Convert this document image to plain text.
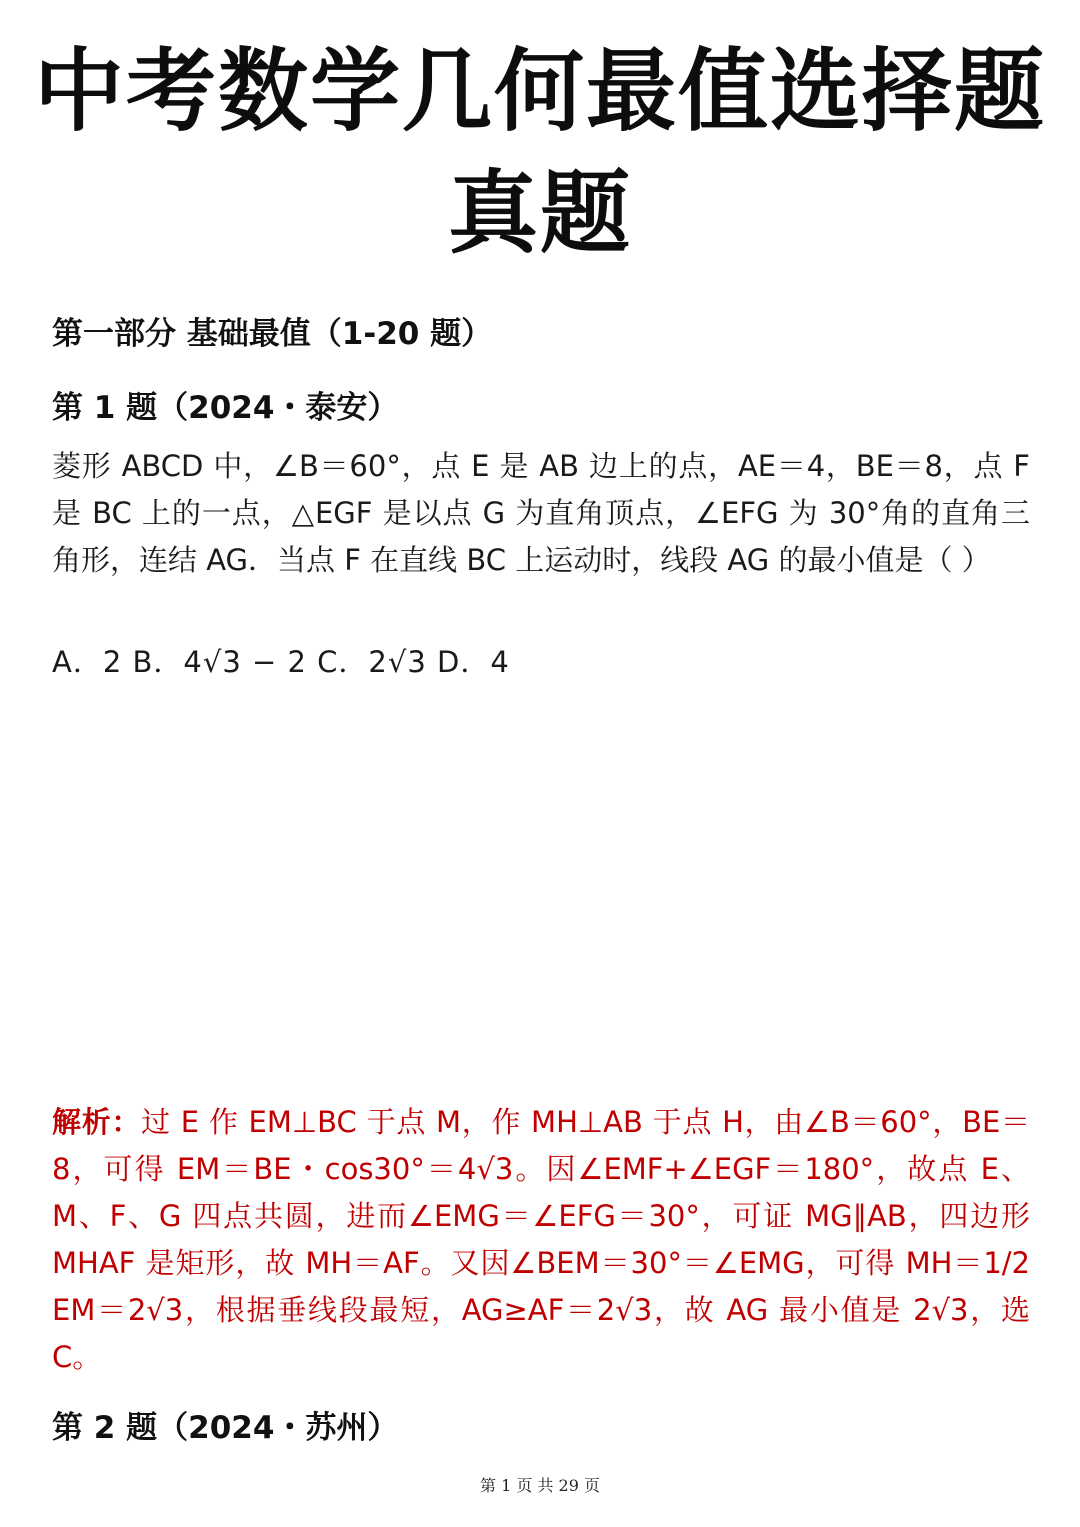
中考数学几何最值选择题
真题
第一部分 基础最值（1-20 题）
第 1 题（2024・泰安）
菱形 ABCD 中，∠B＝60°，点 E 是 AB 边上的点，AE＝4，BE＝8，点 F 是 BC 上的一点，△EGF 是以点 G 为直角顶点，∠EFG 为 30°角的直角三角形，连结 AG．当点 F 在直线 BC 上运动时，线段 AG 的最小值是（ ）
A．2 B．4√3 − 2 C．2√3 D．4
解析：过 E 作 EM⊥BC 于点 M，作 MH⊥AB 于点 H，由∠B＝60°，BE＝8，可得 EM＝BE・cos30°＝4√3。因∠EMF+∠EGF＝180°，故点 E、M、F、G 四点共圆，进而∠EMG＝∠EFG＝30°，可证 MG∥AB，四边形 MHAF 是矩形，故 MH＝AF。又因∠BEM＝30°＝∠EMG，可得 MH＝1/2 EM＝2√3，根据垂线段最短，AG≥AF＝2√3，故 AG 最小值是 2√3，选 C。
第 2 题（2024・苏州）
第 1 页 共 29 页
